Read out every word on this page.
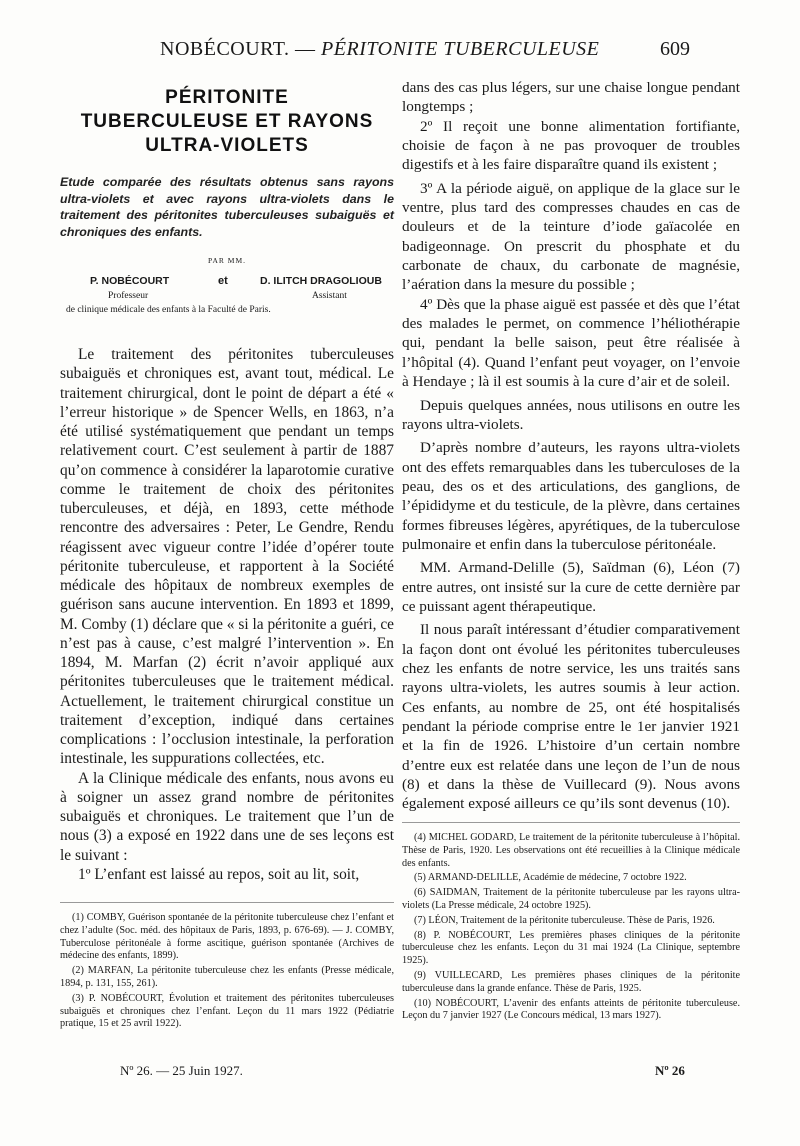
NOBÉCOURT. — PÉRITONITE TUBERCULEUSE	609
PÉRITONITE
TUBERCULEUSE ET RAYONS
ULTRA-VIOLETS
Etude comparée des résultats obtenus sans rayons ultra-violets et avec rayons ultra-violets dans le traitement des péritonites tuberculeuses subaiguës et chroniques des enfants.
PAR MM.
P. NOBÉCOURT	et	D. ILITCH DRAGOLIOUB
Professeur	Assistant
de clinique médicale des enfants à la Faculté de Paris.

Le traitement des péritonites tuberculeuses subaiguës et chroniques est, avant tout, médical. Le traitement chirurgical, dont le point de départ a été « l’erreur historique » de Spencer Wells, en 1863, n’a été utilisé systématiquement que pendant un temps relativement court. C’est seulement à partir de 1887 qu’on commence à considérer la laparotomie curative comme le traitement de choix des péritonites tuberculeuses, et déjà, en 1893, cette méthode rencontre des adversaires : Peter, Le Gendre, Rendu réagissent avec vigueur contre l’idée d’opérer toute péritonite tuberculeuse, et rapportent à la Société médicale des hôpitaux de nombreux exemples de guérison sans aucune intervention. En 1893 et 1899, M. Comby (1) déclare que « si la péritonite a guéri, ce n’est pas à cause, c’est malgré l’intervention ». En 1894, M. Marfan (2) écrit n’avoir appliqué aux péritonites tuberculeuses que le traitement médical. Actuellement, le traitement chirurgical constitue un traitement d’exception, indiqué dans certaines complications : l’occlusion intestinale, la perforation intestinale, les suppurations collectées, etc.

A la Clinique médicale des enfants, nous avons eu à soigner un assez grand nombre de péritonites subaiguës et chroniques. Le traitement que l’un de nous (3) a exposé en 1922 dans une de ses leçons est le suivant :

1º L’enfant est laissé au repos, soit au lit, soit,

dans des cas plus légers, sur une chaise longue pendant longtemps ;

2º Il reçoit une bonne alimentation fortifiante, choisie de façon à ne pas provoquer de troubles digestifs et à les faire disparaître quand ils existent ;

3º A la période aiguë, on applique de la glace sur le ventre, plus tard des compresses chaudes en cas de douleurs et de la teinture d’iode gaïacolée en badigeonnage. On prescrit du phosphate et du carbonate de chaux, du carbonate de magnésie, l’aération dans la mesure du possible ;

4º Dès que la phase aiguë est passée et dès que l’état des malades le permet, on commence l’héliothérapie qui, pendant la belle saison, peut être réalisée à l’hôpital (4). Quand l’enfant peut voyager, on l’envoie à Hendaye ; là il est soumis à la cure d’air et de soleil.

Depuis quelques années, nous utilisons en outre les rayons ultra-violets.

D’après nombre d’auteurs, les rayons ultra-violets ont des effets remarquables dans les tuberculoses de la peau, des os et des articulations, des ganglions, de l’épididyme et du testicule, de la plèvre, dans certaines formes fibreuses légères, apyrétiques, de la tuberculose pulmonaire et enfin dans la tuberculose péritonéale.

MM. Armand-Delille (5), Saïdman (6), Léon (7) entre autres, ont insisté sur la cure de cette dernière par ce puissant agent thérapeutique.

Il nous paraît intéressant d’étudier comparativement la façon dont ont évolué les péritonites tuberculeuses chez les enfants de notre service, les uns traités sans rayons ultra-violets, les autres soumis à leur action. Ces enfants, au nombre de 25, ont été hospitalisés pendant la période comprise entre le 1er janvier 1921 et la fin de 1926. L’histoire d’un certain nombre d’entre eux est relatée dans une leçon de l’un de nous (8) et dans la thèse de Vuillecard (9). Nous avons également exposé ailleurs ce qu’ils sont devenus (10).

(1) COMBY, Guérison spontanée de la péritonite tuberculeuse chez l’enfant et chez l’adulte (Soc. méd. des hôpitaux de Paris, 1893, p. 676-69). — J. COMBY, Tuberculose péritonéale à forme ascitique, guérison spontanée (Archives de médecine des enfants, 1899).

(2) MARFAN, La péritonite tuberculeuse chez les enfants (Presse médicale, 1894, p. 131, 155, 261).

(3) P. NOBÉCOURT, Évolution et traitement des péritonites tuberculeuses subaiguës et chroniques chez l’enfant. Leçon du 11 mars 1922 (Pédiatrie pratique, 15 et 25 avril 1922).

(4) MICHEL GODARD, Le traitement de la péritonite tuberculeuse à l’hôpital. Thèse de Paris, 1920. Les observations ont été recueillies à la Clinique médicale des enfants.

(5) ARMAND-DELILLE, Académie de médecine, 7 octobre 1922.

(6) SAIDMAN, Traitement de la péritonite tuberculeuse par les rayons ultra-violets (La Presse médicale, 24 octobre 1925).

(7) LÉON, Traitement de la péritonite tuberculeuse. Thèse de Paris, 1926.

(8) P. NOBÉCOURT, Les premières phases cliniques de la péritonite tuberculeuse chez les enfants. Leçon du 31 mai 1924 (La Clinique, septembre 1925).

(9) VUILLECARD, Les premières phases cliniques de la péritonite tuberculeuse dans la grande enfance. Thèse de Paris, 1925.

(10) NOBÉCOURT, L’avenir des enfants atteints de péritonite tuberculeuse. Leçon du 7 janvier 1927 (Le Concours médical, 13 mars 1927).

Nº 26. — 25 Juin 1927.	Nº 26
